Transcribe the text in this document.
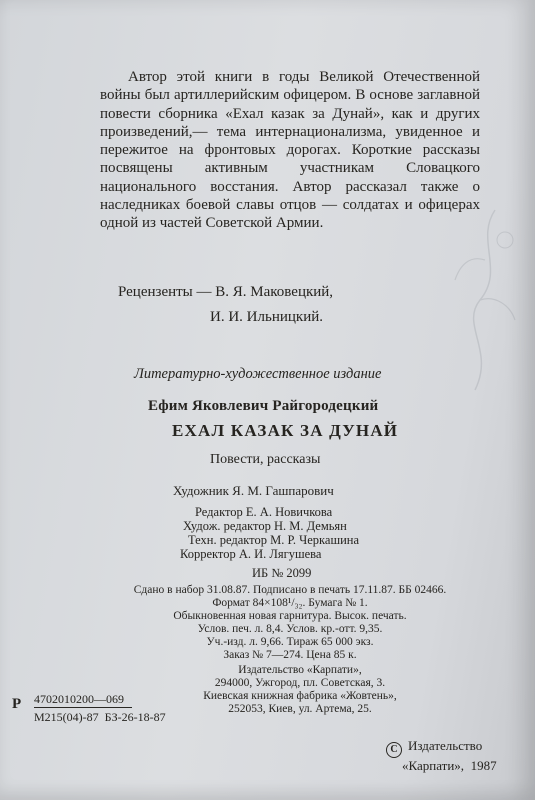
Автор этой книги в годы Великой Отечественной войны был артиллерийским офицером. В основе заглавной повести сборника «Ехал казак за Дунай», как и других произведений,— тема интернационализма, увиденное и пережитое на фронтовых дорогах. Короткие рассказы посвящены активным участникам Словацкого национального восстания. Автор рассказал также о наследниках боевой славы отцов — солдатах и офицерах одной из частей Советской Армии.

Рецензенты — В. Я. Маковецкий,
И. И. Ильницкий.
Литературно-художественное издание
Ефим Яковлевич Райгородецкий
ЕХАЛ КАЗАК ЗА ДУНАЙ
Повести, рассказы
Художник Я. М. Гашпарович
Редактор Е. А. Новичкова
Худож. редактор Н. М. Демьян
Техн. редактор М. Р. Черкашина
Корректор А. И. Лягушева
ИБ № 2099
Сдано в набор 31.08.87. Подписано в печать 17.11.87. ББ 02466.
Формат 84×108¹/₃₂. Бумага № 1.
Обыкновенная новая гарнитура. Высок. печать.
Услов. печ. л. 8,4. Услов. кр.-отт. 9,35.
Уч.-изд. л. 9,66. Тираж 65 000 экз.
Заказ № 7—274. Цена 85 к.
Издательство «Карпати»,
294000, Ужгород, пл. Советская, 3.
Киевская книжная фабрика «Жовтень»,
252053, Киев, ул. Артема, 25.
Р 4702010200—069
М215(04)-87 БЗ-26-18-87
С Издательство
«Карпати», 1987
